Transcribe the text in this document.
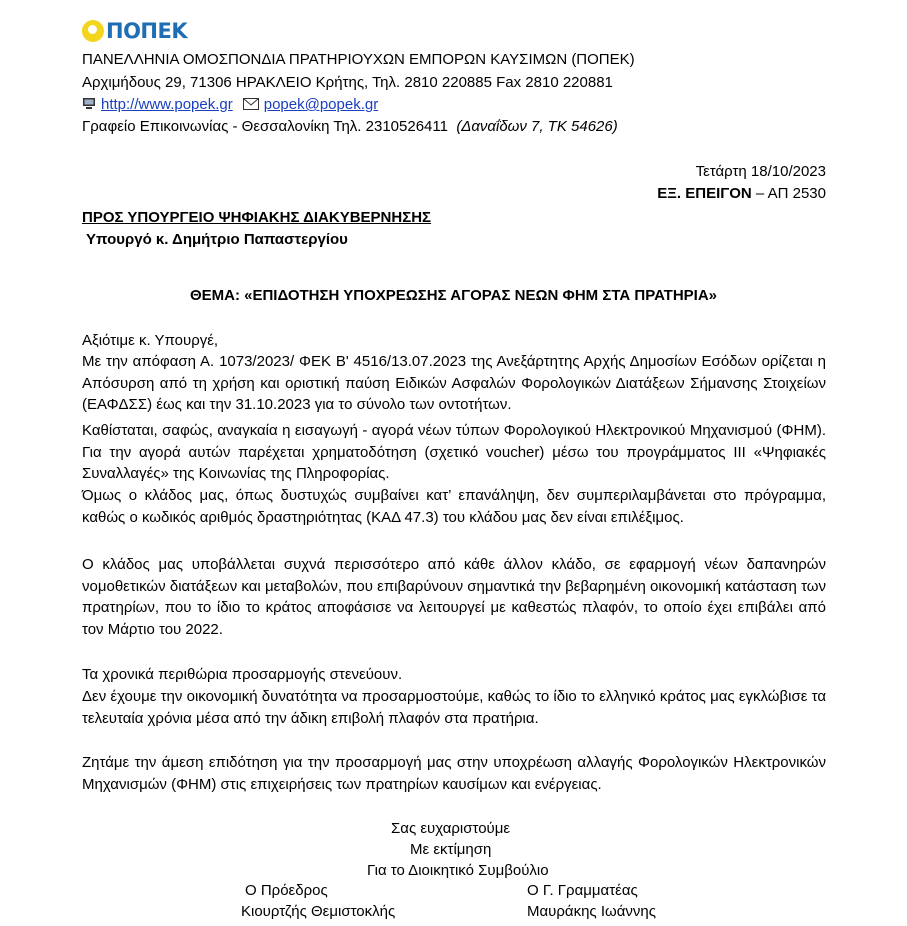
ΠΟΠΕΚ
ΠΑΝΕΛΛΗΝΙΑ ΟΜΟΣΠΟΝΔΙΑ ΠΡΑΤΗΡΙΟΥΧΩΝ ΕΜΠΟΡΩΝ ΚΑΥΣΙΜΩΝ (ΠΟΠΕΚ)
Αρχιμήδους 29, 71306 ΗΡΑΚΛΕΙΟ Κρήτης, Τηλ. 2810 220885 Fax 2810 220881
http://www.popek.gr popek@popek.gr
Γραφείο Επικοινωνίας - Θεσσαλονίκη Τηλ. 2310526411 (Δαναΐδων 7, ΤΚ 54626)
Τετάρτη 18/10/2023
ΕΞ. ΕΠΕΙΓΟΝ – ΑΠ 2530
ΠΡΟΣ ΥΠΟΥΡΓΕΙΟ ΨΗΦΙΑΚΗΣ ΔΙΑΚΥΒΕΡΝΗΣΗΣ
Υπουργό κ. Δημήτριο Παπαστεργίου
ΘΕΜΑ: «ΕΠΙΔΟΤΗΣΗ ΥΠΟΧΡΕΩΣΗΣ ΑΓΟΡΑΣ ΝΕΩΝ ΦΗΜ ΣΤΑ ΠΡΑΤΗΡΙΑ»
Αξιότιμε κ. Υπουργέ,
Με την απόφαση Α. 1073/2023/ ΦΕΚ Β' 4516/13.07.2023 της Ανεξάρτητης Αρχής Δημοσίων Εσόδων ορίζεται η Απόσυρση από τη χρήση και οριστική παύση Ειδικών Ασφαλών Φορολογικών Διατάξεων Σήμανσης Στοιχείων (ΕΑΦΔΣΣ) έως και την 31.10.2023 για το σύνολο των οντοτήτων.
Καθίσταται, σαφώς, αναγκαία η εισαγωγή - αγορά νέων τύπων Φορολογικού Ηλεκτρονικού Μηχανισμού (ΦΗΜ). Για την αγορά αυτών παρέχεται χρηματοδότηση (σχετικό voucher) μέσω του προγράμματος ΙΙΙ «Ψηφιακές Συναλλαγές» της Κοινωνίας της Πληροφορίας.
Όμως ο κλάδος μας, όπως δυστυχώς συμβαίνει κατ’ επανάληψη, δεν συμπεριλαμβάνεται στο πρόγραμμα, καθώς ο κωδικός αριθμός δραστηριότητας (ΚΑΔ 47.3) του κλάδου μας δεν είναι επιλέξιμος.
Ο κλάδος μας υποβάλλεται συχνά περισσότερο από κάθε άλλον κλάδο, σε εφαρμογή νέων δαπανηρών νομοθετικών διατάξεων και μεταβολών, που επιβαρύνουν σημαντικά την βεβαρημένη οικονομική κατάσταση των πρατηρίων, που το ίδιο το κράτος αποφάσισε να λειτουργεί με καθεστώς πλαφόν, το οποίο έχει επιβάλει από τον Μάρτιο του 2022.
Τα χρονικά περιθώρια προσαρμογής στενεύουν.
Δεν έχουμε την οικονομική δυνατότητα να προσαρμοστούμε, καθώς το ίδιο το ελληνικό κράτος μας εγκλώβισε τα τελευταία χρόνια μέσα από την άδικη επιβολή πλαφόν στα πρατήρια.
Ζητάμε την άμεση επιδότηση για την προσαρμογή μας στην υποχρέωση αλλαγής Φορολογικών Ηλεκτρονικών Μηχανισμών (ΦΗΜ) στις επιχειρήσεις των πρατηρίων καυσίμων και ενέργειας.
Σας ευχαριστούμε
Με εκτίμηση
Για το Διοικητικό Συμβούλιο
Ο Πρόεδρος	Ο Γ. Γραμματέας
Κιουρτζής Θεμιστοκλής	Μαυράκης Ιωάννης
